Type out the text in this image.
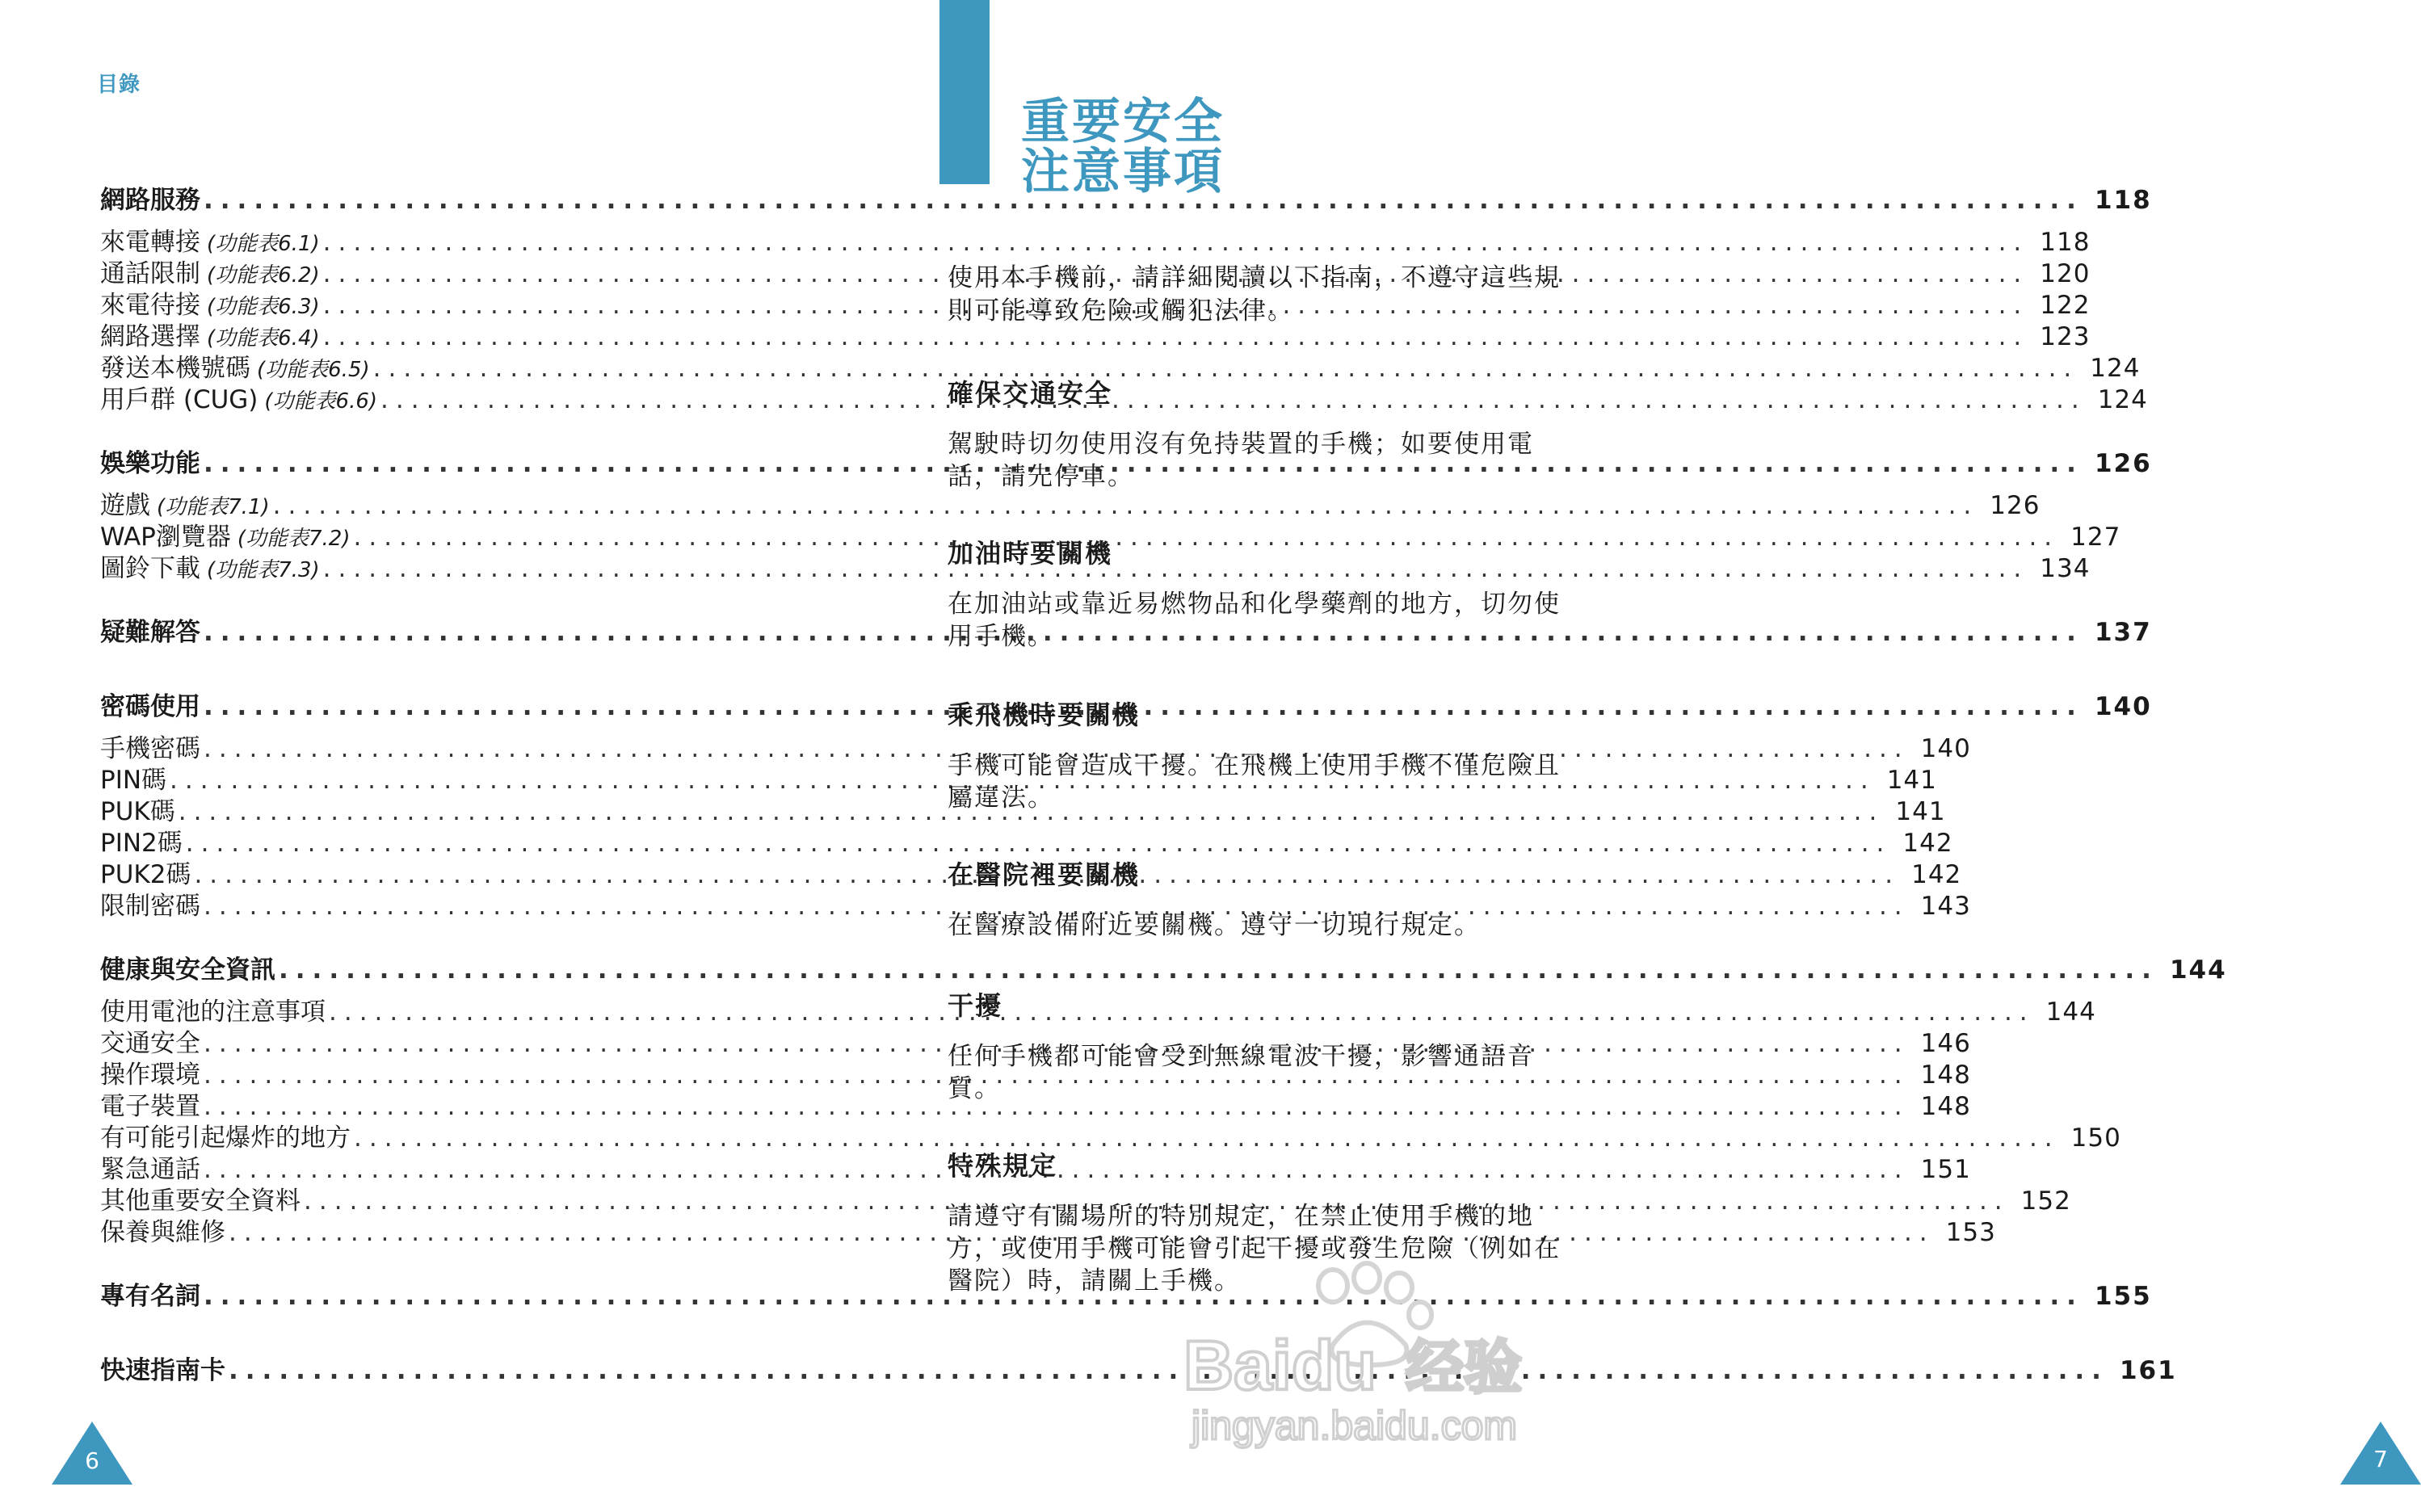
目錄
網路服務 .....	118
來電轉接 (功能表6.1) .....	118
通話限制 (功能表6.2) .....	120
來電待接 (功能表6.3) .....	122
網路選擇 (功能表6.4) .....	123
發送本機號碼 (功能表6.5) .....	124
用戶群 (CUG) (功能表6.6) .....	124
娛樂功能 .....	126
遊戲 (功能表7.1) .....	126
WAP瀏覽器 (功能表7.2) .....	127
圖鈴下載 (功能表7.3) .....	134
疑難解答 .....	137
密碼使用 .....	140
手機密碼 .....	140
PIN碼 .....	141
PUK碼 .....	141
PIN2碼 .....	142
PUK2碼 .....	142
限制密碼 .....	143
健康與安全資訊 .....	144
使用電池的注意事項 .....	144
交通安全 .....	146
操作環境 .....	148
電子裝置 .....	148
有可能引起爆炸的地方 .....	150
緊急通話 .....	151
其他重要安全資料 .....	152
保養與維修 .....	153
專有名詞 .....	155
快速指南卡 .....	161
6
重要安全
注意事項
使用本手機前，請詳細閱讀以下指南，不遵守這些規則可能導致危險或觸犯法律。
確保交通安全
駕駛時切勿使用沒有免持裝置的手機；如要使用電話，請先停車。
加油時要關機
在加油站或靠近易燃物品和化學藥劑的地方，切勿使用手機。
乘飛機時要關機
手機可能會造成干擾。在飛機上使用手機不僅危險且屬違法。
在醫院裡要關機
在醫療設備附近要關機。遵守一切現行規定。
干擾
任何手機都可能會受到無線電波干擾，影響通語音質。
特殊規定
請遵守有關場所的特別規定，在禁止使用手機的地方，或使用手機可能會引起干擾或發生危險（例如在醫院）時，請關上手機。
7
Baidu 经验
jingyan.baidu.com
